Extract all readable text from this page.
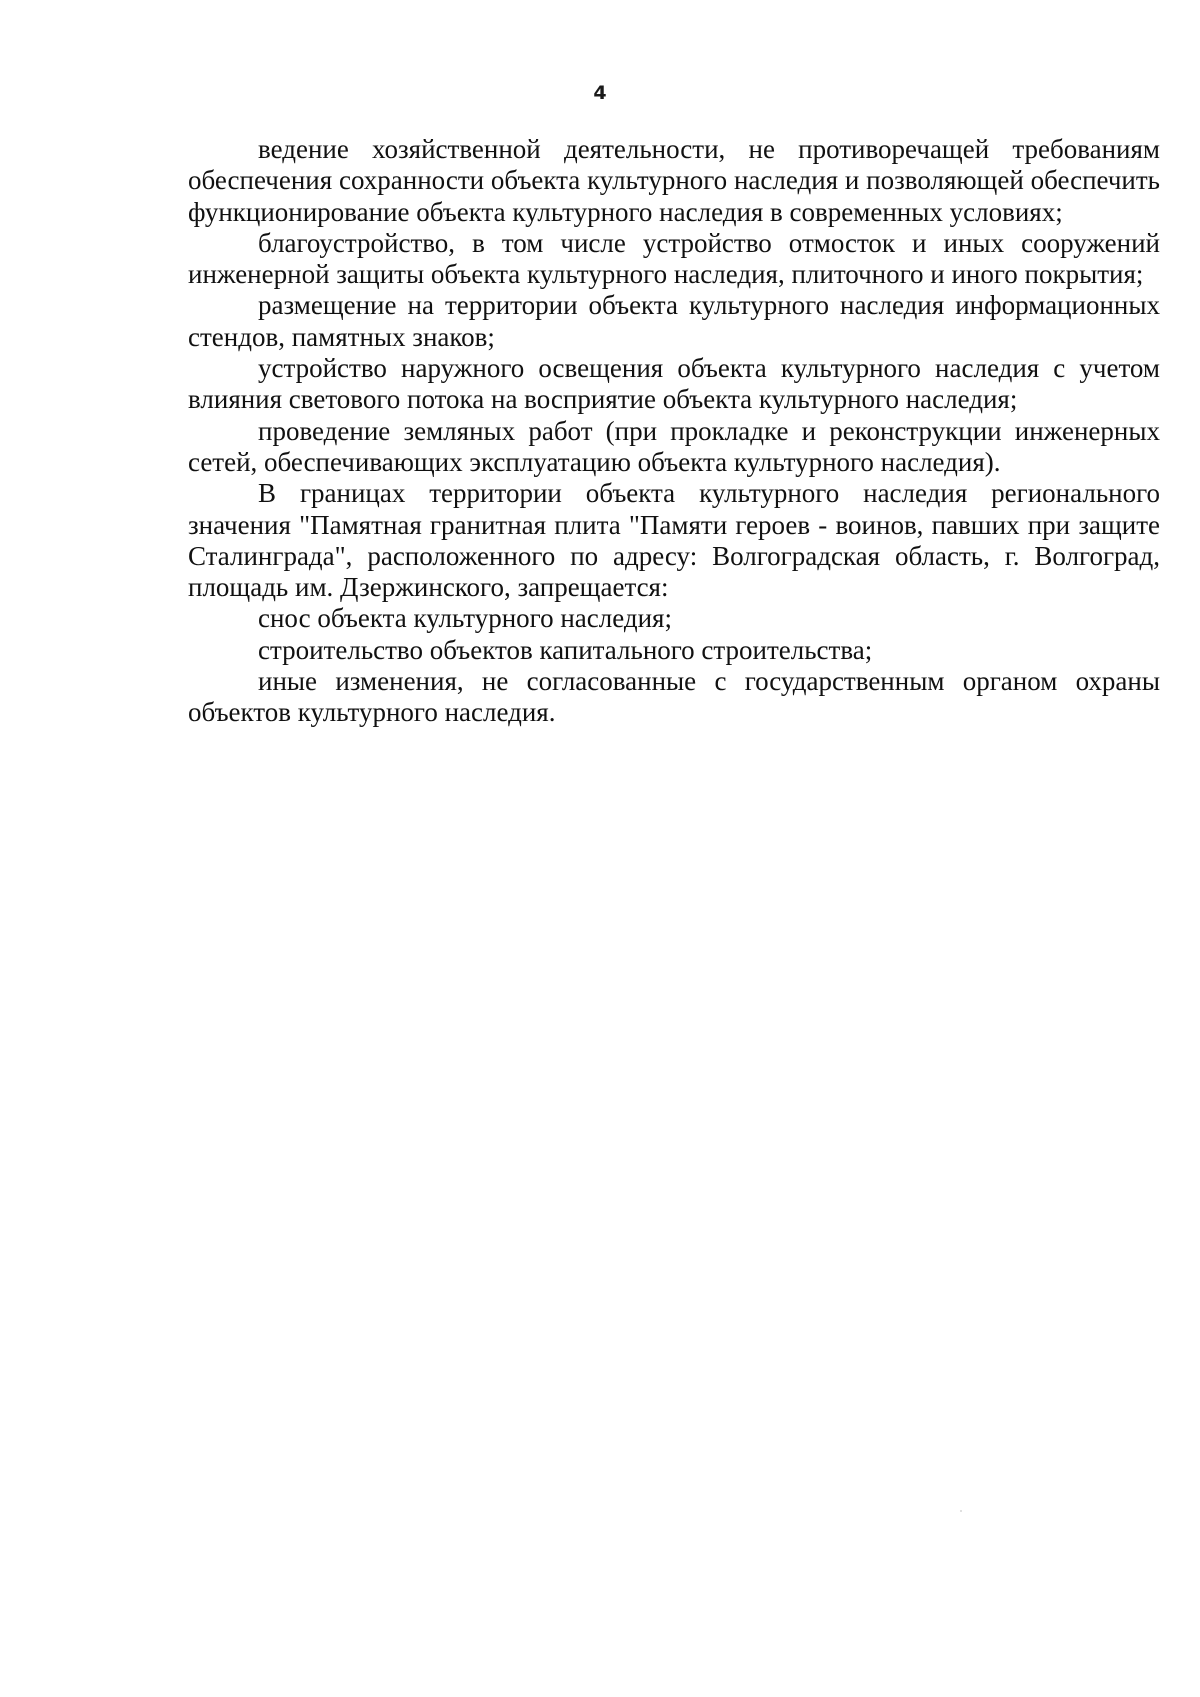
4

ведение хозяйственной деятельности, не противоречащей требованиям обеспечения сохранности объекта культурного наследия и позволяющей обеспечить функционирование объекта культурного наследия в современных условиях;

благоустройство, в том числе устройство отмосток и иных сооружений инженерной защиты объекта культурного наследия, плиточного и иного покрытия;

размещение на территории объекта культурного наследия информационных стендов, памятных знаков;

устройство наружного освещения объекта культурного наследия с учетом влияния светового потока на восприятие объекта культурного наследия;

проведение земляных работ (при прокладке и реконструкции инженерных сетей, обеспечивающих эксплуатацию объекта культурного наследия).

В границах территории объекта культурного наследия регионального значения "Памятная гранитная плита "Памяти героев - воинов, павших при защите Сталинграда", расположенного по адресу: Волгоградская область, г. Волгоград, площадь им. Дзержинского, запрещается:

снос объекта культурного наследия;

строительство объектов капитального строительства;

иные изменения, не согласованные с государственным органом охраны объектов культурного наследия.
